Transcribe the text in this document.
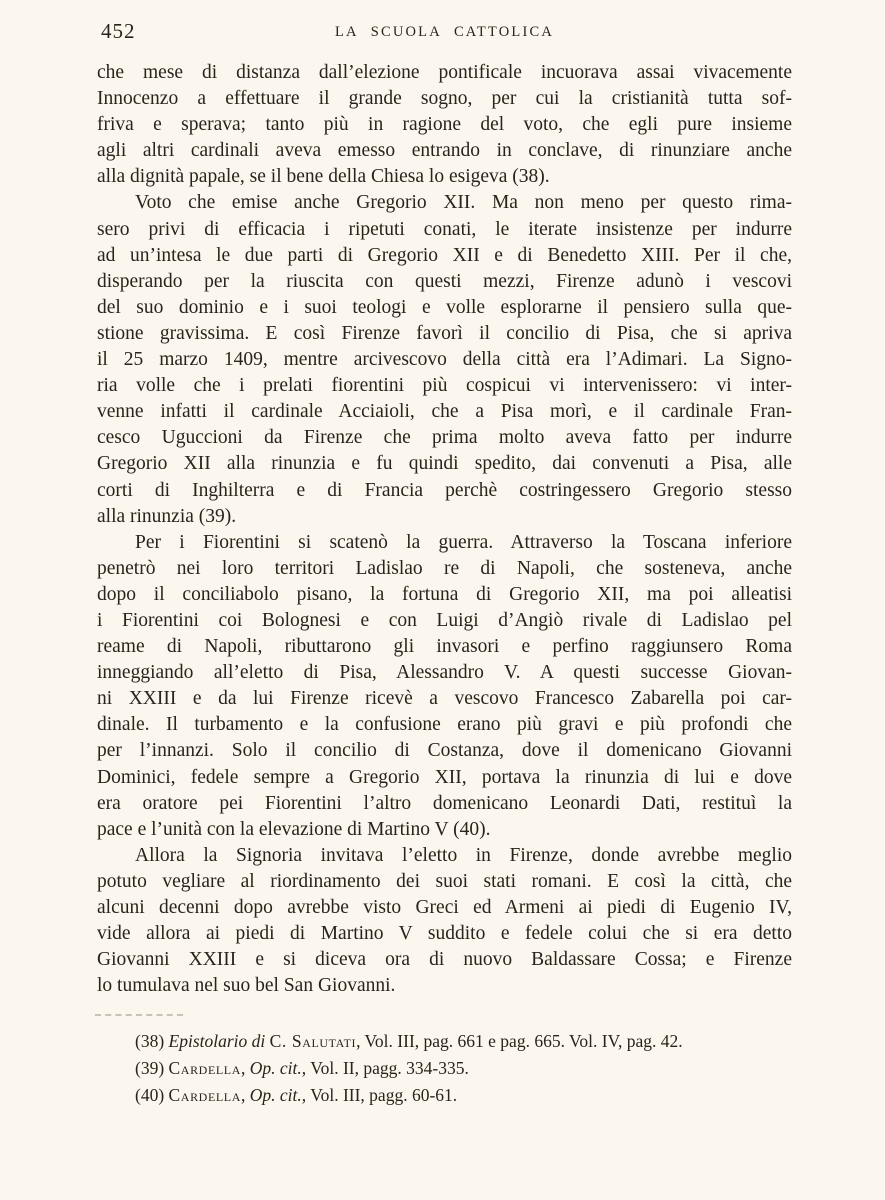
452	LA SCUOLA CATTOLICA
che mese di distanza dall’elezione pontificale incuorava assai vivacemente
Innocenzo a effettuare il grande sogno, per cui la cristianità tutta sof-
friva e sperava; tanto più in ragione del voto, che egli pure insieme
agli altri cardinali aveva emesso entrando in conclave, di rinunziare anche
alla dignità papale, se il bene della Chiesa lo esigeva (38).
Voto che emise anche Gregorio XII. Ma non meno per questo rima-
sero privi di efficacia i ripetuti conati, le iterate insistenze per indurre
ad un’intesa le due parti di Gregorio XII e di Benedetto XIII. Per il che,
disperando per la riuscita con questi mezzi, Firenze adunò i vescovi
del suo dominio e i suoi teologi e volle esplorarne il pensiero sulla que-
stione gravissima. E così Firenze favorì il concilio di Pisa, che si apriva
il 25 marzo 1409, mentre arcivescovo della città era l’Adimari. La Signo-
ria volle che i prelati fiorentini più cospicui vi intervenissero: vi inter-
venne infatti il cardinale Acciaioli, che a Pisa morì, e il cardinale Fran-
cesco Uguccioni da Firenze che prima molto aveva fatto per indurre
Gregorio XII alla rinunzia e fu quindi spedito, dai convenuti a Pisa, alle
corti di Inghilterra e di Francia perchè costringessero Gregorio stesso
alla rinunzia (39).
Per i Fiorentini si scatenò la guerra. Attraverso la Toscana inferiore
penetrò nei loro territori Ladislao re di Napoli, che sosteneva, anche
dopo il conciliabolo pisano, la fortuna di Gregorio XII, ma poi alleatisi
i Fiorentini coi Bolognesi e con Luigi d’Angiò rivale di Ladislao pel
reame di Napoli, ributtarono gli invasori e perfino raggiunsero Roma
inneggiando all’eletto di Pisa, Alessandro V. A questi successe Giovan-
ni XXIII e da lui Firenze ricevè a vescovo Francesco Zabarella poi car-
dinale. Il turbamento e la confusione erano più gravi e più profondi che
per l’innanzi. Solo il concilio di Costanza, dove il domenicano Giovanni
Dominici, fedele sempre a Gregorio XII, portava la rinunzia di lui e dove
era oratore pei Fiorentini l’altro domenicano Leonardi Dati, restituì la
pace e l’unità con la elevazione di Martino V (40).
Allora la Signoria invitava l’eletto in Firenze, donde avrebbe meglio
potuto vegliare al riordinamento dei suoi stati romani. E così la città, che
alcuni decenni dopo avrebbe visto Greci ed Armeni ai piedi di Eugenio IV,
vide allora ai piedi di Martino V suddito e fedele colui che si era detto
Giovanni XXIII e si diceva ora di nuovo Baldassare Cossa; e Firenze
lo tumulava nel suo bel San Giovanni.
(38) Epistolario di C. Salutati, Vol. III, pag. 661 e pag. 665. Vol. IV, pag. 42.
(39) Cardella, Op. cit., Vol. II, pagg. 334-335.
(40) Cardella, Op. cit., Vol. III, pagg. 60-61.
